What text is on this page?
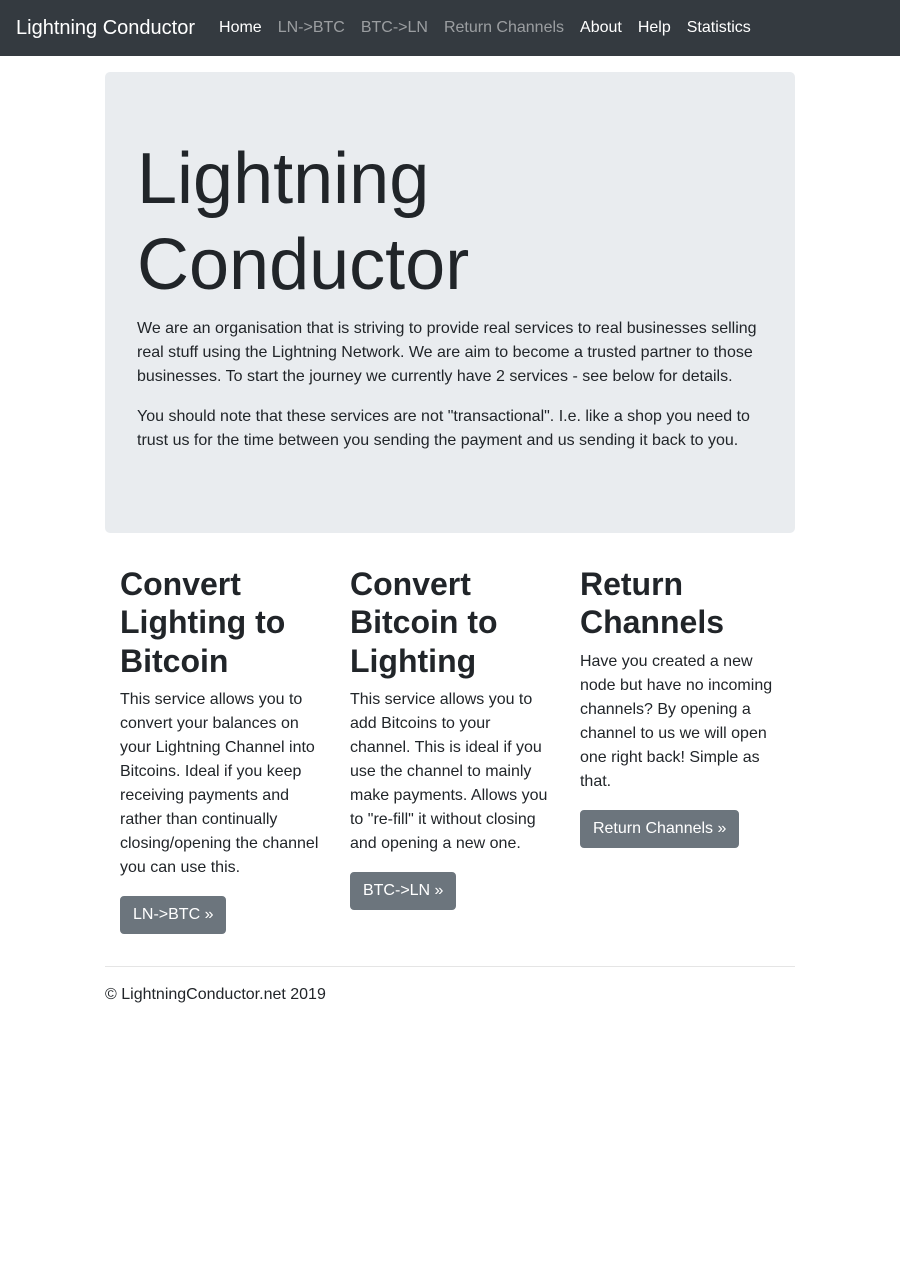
Lightning Conductor	Home	LN->BTC	BTC->LN	Return Channels	About	Help	Statistics
Lightning Conductor

We are an organisation that is striving to provide real services to real businesses selling real stuff using the Lightning Network. We are aim to become a trusted partner to those businesses. To start the journey we currently have 2 services - see below for details.

You should note that these services are not "transactional". I.e. like a shop you need to trust us for the time between you sending the payment and us sending it back to you.

Convert Lighting to Bitcoin

This service allows you to convert your balances on your Lightning Channel into Bitcoins. Ideal if you keep receiving payments and rather than continually closing/opening the channel you can use this.

LN->BTC »
Convert Bitcoin to Lighting

This service allows you to add Bitcoins to your channel. This is ideal if you use the channel to mainly make payments. Allows you to "re-fill" it without closing and opening a new one.

BTC->LN »
Return Channels

Have you created a new node but have no incoming channels? By opening a channel to us we will open one right back! Simple as that.

Return Channels »

© LightningConductor.net 2019
